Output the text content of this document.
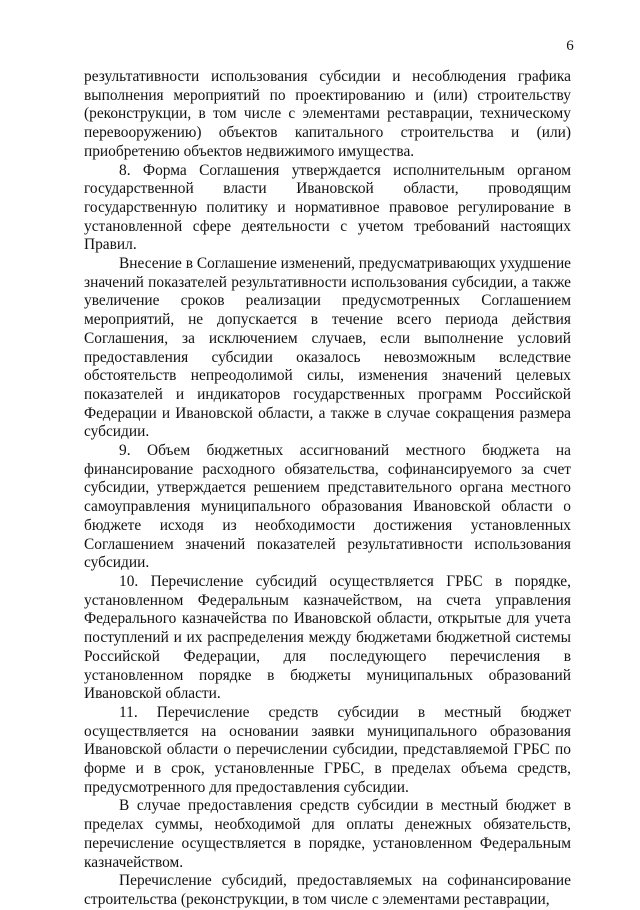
6

результативности использования субсидии и несоблюдения графика выполнения мероприятий по проектированию и (или) строительству (реконструкции, в том числе с элементами реставрации, техническому перевооружению) объектов капитального строительства и (или) приобретению объектов недвижимого имущества.

8. Форма Соглашения утверждается исполнительным органом государственной власти Ивановской области, проводящим государственную политику и нормативное правовое регулирование в установленной сфере деятельности с учетом требований настоящих Правил.

Внесение в Соглашение изменений, предусматривающих ухудшение значений показателей результативности использования субсидии, а также увеличение сроков реализации предусмотренных Соглашением мероприятий, не допускается в течение всего периода действия Соглашения, за исключением случаев, если выполнение условий предоставления субсидии оказалось невозможным вследствие обстоятельств непреодолимой силы, изменения значений целевых показателей и индикаторов государственных программ Российской Федерации и Ивановской области, а также в случае сокращения размера субсидии.

9. Объем бюджетных ассигнований местного бюджета на финансирование расходного обязательства, софинансируемого за счет субсидии, утверждается решением представительного органа местного самоуправления муниципального образования Ивановской области о бюджете исходя из необходимости достижения установленных Соглашением значений показателей результативности использования субсидии.

10. Перечисление субсидий осуществляется ГРБС в порядке, установленном Федеральным казначейством, на счета управления Федерального казначейства по Ивановской области, открытые для учета поступлений и их распределения между бюджетами бюджетной системы Российской Федерации, для последующего перечисления в установленном порядке в бюджеты муниципальных образований Ивановской области.

11. Перечисление средств субсидии в местный бюджет осуществляется на основании заявки муниципального образования Ивановской области о перечислении субсидии, представляемой ГРБС по форме и в срок, установленные ГРБС, в пределах объема средств, предусмотренного для предоставления субсидии.

В случае предоставления средств субсидии в местный бюджет в пределах суммы, необходимой для оплаты денежных обязательств, перечисление осуществляется в порядке, установленном Федеральным казначейством.

Перечисление субсидий, предоставляемых на софинансирование строительства (реконструкции, в том числе с элементами реставрации,
